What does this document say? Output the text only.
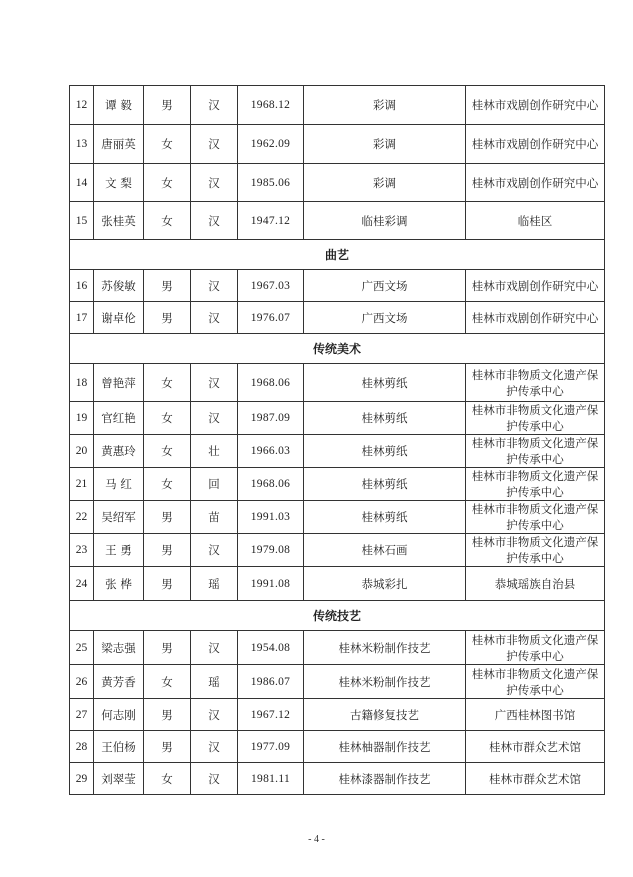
12	谭 毅	男	汉	1968.12	彩调	桂林市戏剧创作研究中心
13	唐丽英	女	汉	1962.09	彩调	桂林市戏剧创作研究中心
14	文 梨	女	汉	1985.06	彩调	桂林市戏剧创作研究中心
15	张桂英	女	汉	1947.12	临桂彩调	临桂区
曲艺						
16	苏俊敏	男	汉	1967.03	广西文场	桂林市戏剧创作研究中心
17	谢卓伦	男	汉	1976.07	广西文场	桂林市戏剧创作研究中心
传统美术						
18	曾艳萍	女	汉	1968.06	桂林剪纸	桂林市非物质文化遗产保护传承中心
19	官红艳	女	汉	1987.09	桂林剪纸	桂林市非物质文化遗产保护传承中心
20	黄惠玲	女	壮	1966.03	桂林剪纸	桂林市非物质文化遗产保护传承中心
21	马 红	女	回	1968.06	桂林剪纸	桂林市非物质文化遗产保护传承中心
22	吴绍军	男	苗	1991.03	桂林剪纸	桂林市非物质文化遗产保护传承中心
23	王 勇	男	汉	1979.08	桂林石画	桂林市非物质文化遗产保护传承中心
24	张 桦	男	瑶	1991.08	恭城彩扎	恭城瑶族自治县
传统技艺						
25	梁志强	男	汉	1954.08	桂林米粉制作技艺	桂林市非物质文化遗产保护传承中心
26	黄芳香	女	瑶	1986.07	桂林米粉制作技艺	桂林市非物质文化遗产保护传承中心
27	何志刚	男	汉	1967.12	古籍修复技艺	广西桂林图书馆
28	王伯杨	男	汉	1977.09	桂林柚器制作技艺	桂林市群众艺术馆
29	刘翠莹	女	汉	1981.11	桂林漆器制作技艺	桂林市群众艺术馆
- 4 -
